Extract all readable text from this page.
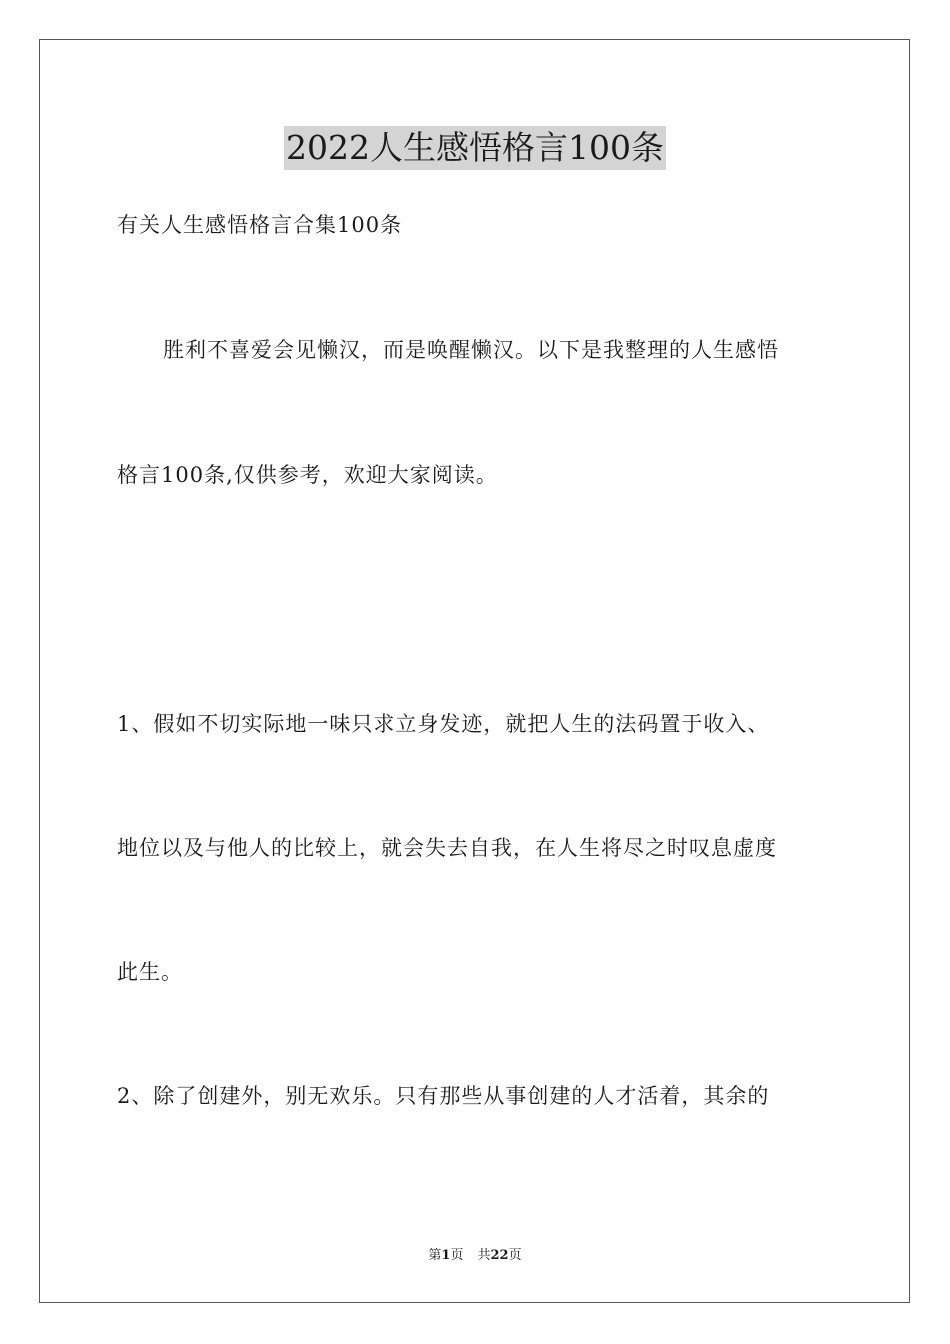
2022人生感悟格言100条
有关人生感悟格言合集100条
胜利不喜爱会见懒汉，而是唤醒懒汉。以下是我整理的人生感悟
格言100条,仅供参考，欢迎大家阅读。
1、假如不切实际地一味只求立身发迹，就把人生的法码置于收入、
地位以及与他人的比较上，就会失去自我，在人生将尽之时叹息虚度
此生。
2、除了创建外，别无欢乐。只有那些从事创建的人才活着，其余的
第1页 共22页
